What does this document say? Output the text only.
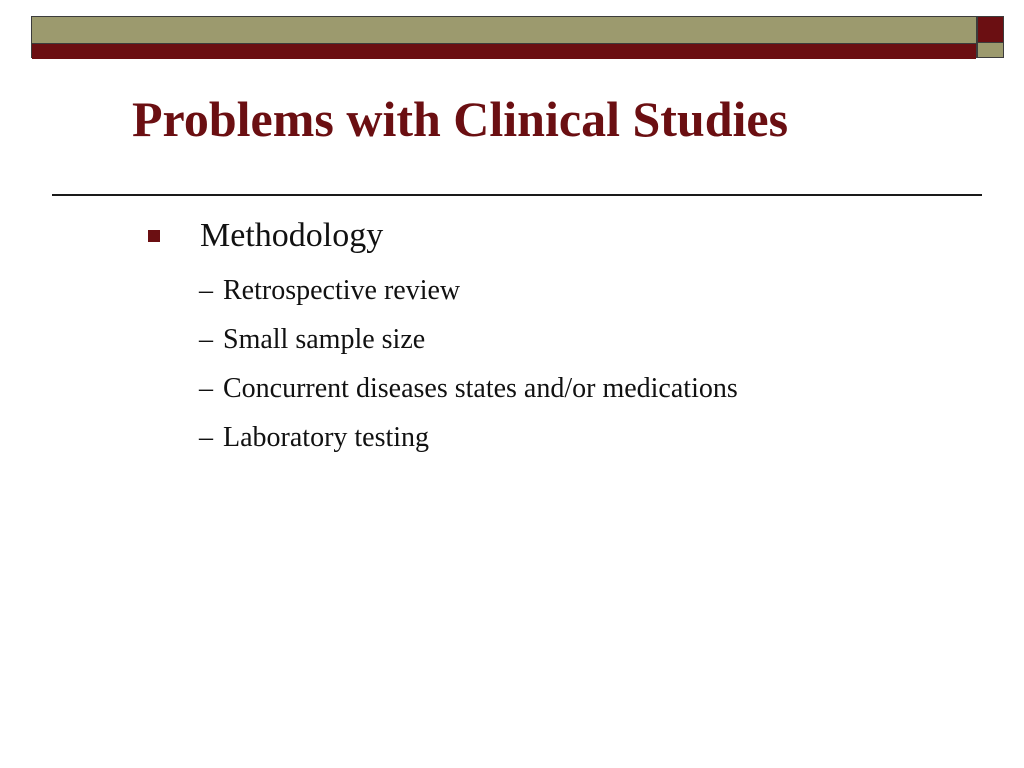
Problems with Clinical Studies
Methodology
– Retrospective review
– Small sample size
– Concurrent diseases states and/or medications
– Laboratory testing
